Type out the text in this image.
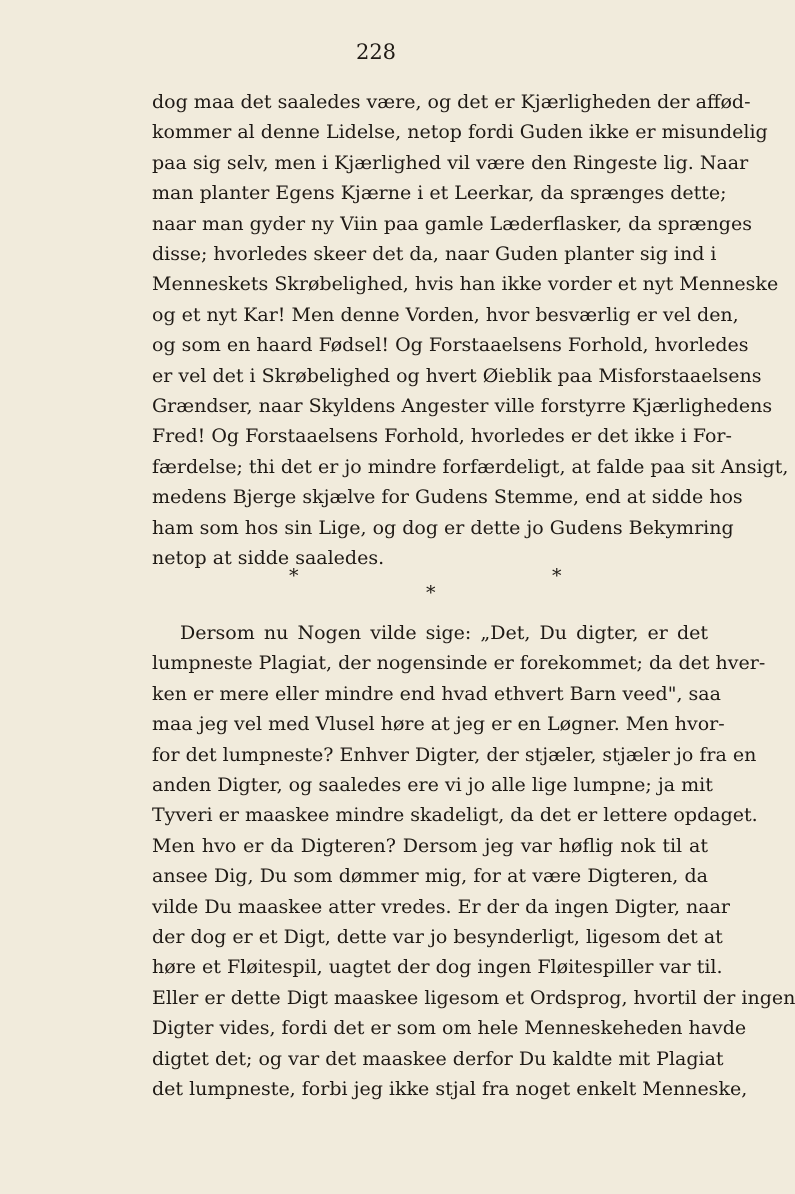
228
dog maa det saaledes være, og det er Kjærligheden der affød-
kommer al denne Lidelse, netop fordi Guden ikke er misundelig
paa sig selv, men i Kjærlighed vil være den Ringeste lig. Naar
man planter Egens Kjærne i et Leerkar, da sprænges dette;
naar man gyder ny Viin paa gamle Læderflasker, da sprænges
disse; hvorledes skeer det da, naar Guden planter sig ind i
Menneskets Skrøbelighed, hvis han ikke vorder et nyt Menneske
og et nyt Kar! Men denne Vorden, hvor besværlig er vel den,
og som en haard Fødsel! Og Forstaaelsens Forhold, hvorledes
er vel det i Skrøbelighed og hvert Øieblik paa Misforstaaelsens
Grændser, naar Skyldens Angester ville forstyrre Kjærlighedens
Fred! Og Forstaaelsens Forhold, hvorledes er det ikke i For-
færdelse; thi det er jo mindre forfærdeligt, at falde paa sit Ansigt,
medens Bjerge skjælve for Gudens Stemme, end at sidde hos
ham som hos sin Lige, og dog er dette jo Gudens Bekymring
netop at sidde saaledes.
*	*
*
Dersom nu Nogen vilde sige: „Det, Du digter, er det
lumpneste Plagiat, der nogensinde er forekommet; da det hver-
ken er mere eller mindre end hvad ethvert Barn veed", saa
maa jeg vel med Vlusel høre at jeg er en Løgner. Men hvor-
for det lumpneste? Enhver Digter, der stjæler, stjæler jo fra en
anden Digter, og saaledes ere vi jo alle lige lumpne; ja mit
Tyveri er maaskee mindre skadeligt, da det er lettere opdaget.
Men hvo er da Digteren? Dersom jeg var høflig nok til at
ansee Dig, Du som dømmer mig, for at være Digteren, da
vilde Du maaskee atter vredes. Er der da ingen Digter, naar
der dog er et Digt, dette var jo besynderligt, ligesom det at
høre et Fløitespil, uagtet der dog ingen Fløitespiller var til.
Eller er dette Digt maaskee ligesom et Ordsprog, hvortil der ingen
Digter vides, fordi det er som om hele Menneskeheden havde
digtet det; og var det maaskee derfor Du kaldte mit Plagiat
det lumpneste, forbi jeg ikke stjal fra noget enkelt Menneske,
